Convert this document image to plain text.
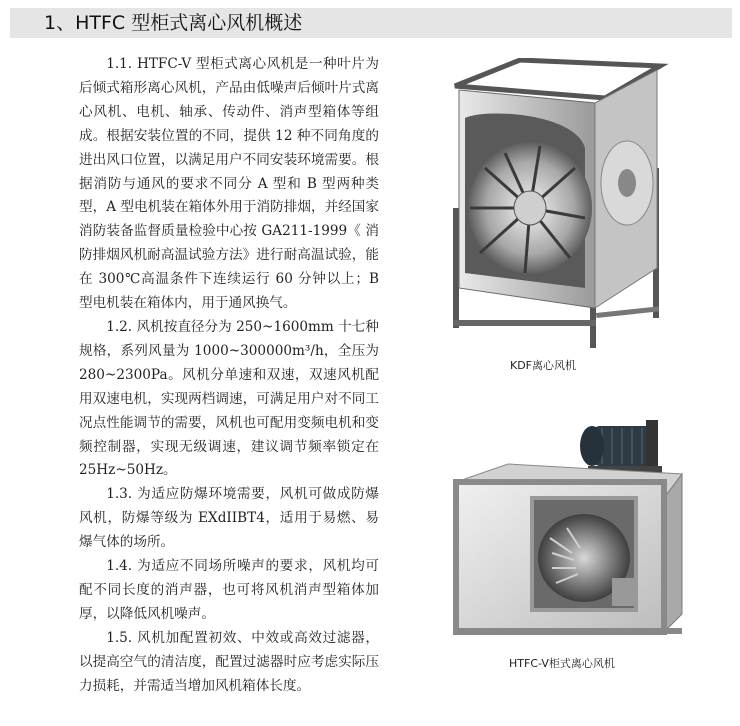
1、HTFC 型柜式离心风机概述

1.1. HTFC-V 型柜式离心风机是一种叶片为后倾式箱形离心风机，产品由低噪声后倾叶片式离心风机、电机、轴承、传动件、消声型箱体等组成。根据安装位置的不同，提供 12 种不同角度的进出风口位置，以满足用户不同安装环境需要。根据消防与通风的要求不同分 A 型和 B 型两种类型，A 型电机装在箱体外用于消防排烟，并经国家消防装备监督质量检验中心按 GA211-1999《 消防排烟风机耐高温试验方法》进行耐高温试验，能在 300℃高温条件下连续运行 60 分钟以上；B 型电机装在箱体内，用于通风换气。

1.2. 风机按直径分为 250~1600mm 十七种规格，系列风量为 1000~300000m³/h，全压为 280~2300Pa。风机分单速和双速，双速风机配用双速电机，实现两档调速，可满足用户对不同工况点性能调节的需要，风机也可配用变频电机和变频控制器，实现无级调速，建议调节频率锁定在 25Hz~50Hz。

1.3. 为适应防爆环境需要，风机可做成防爆风机，防爆等级为 EXdIIBT4，适用于易燃、易爆气体的场所。

1.4. 为适应不同场所噪声的要求，风机均可配不同长度的消声器，也可将风机消声型箱体加厚，以降低风机噪声。

1.5. 风机加配置初效、中效或高效过滤器，以提高空气的清洁度，配置过滤器时应考虑实际压力损耗，并需适当增加风机箱体长度。

KDF离心风机
HTFC-V柜式离心风机
